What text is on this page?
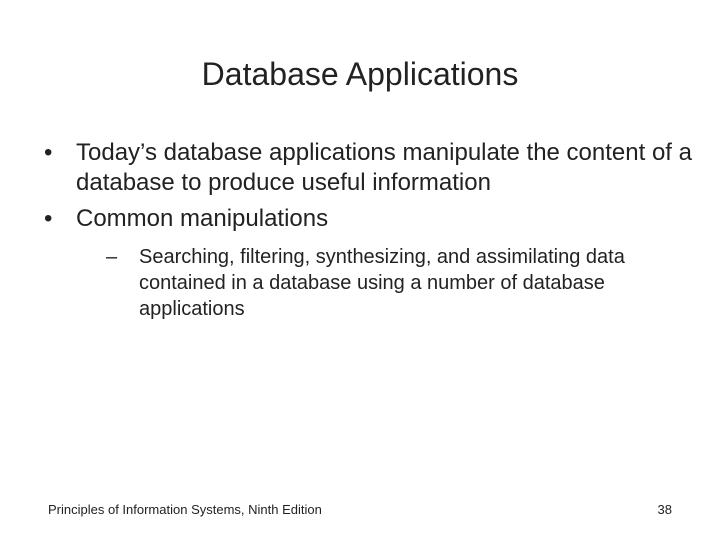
Database Applications
• Today’s database applications manipulate the content of a database to produce useful information
• Common manipulations
–	Searching, filtering, synthesizing, and assimilating data contained in a database using a number of database applications
Principles of Information Systems, Ninth Edition	38
